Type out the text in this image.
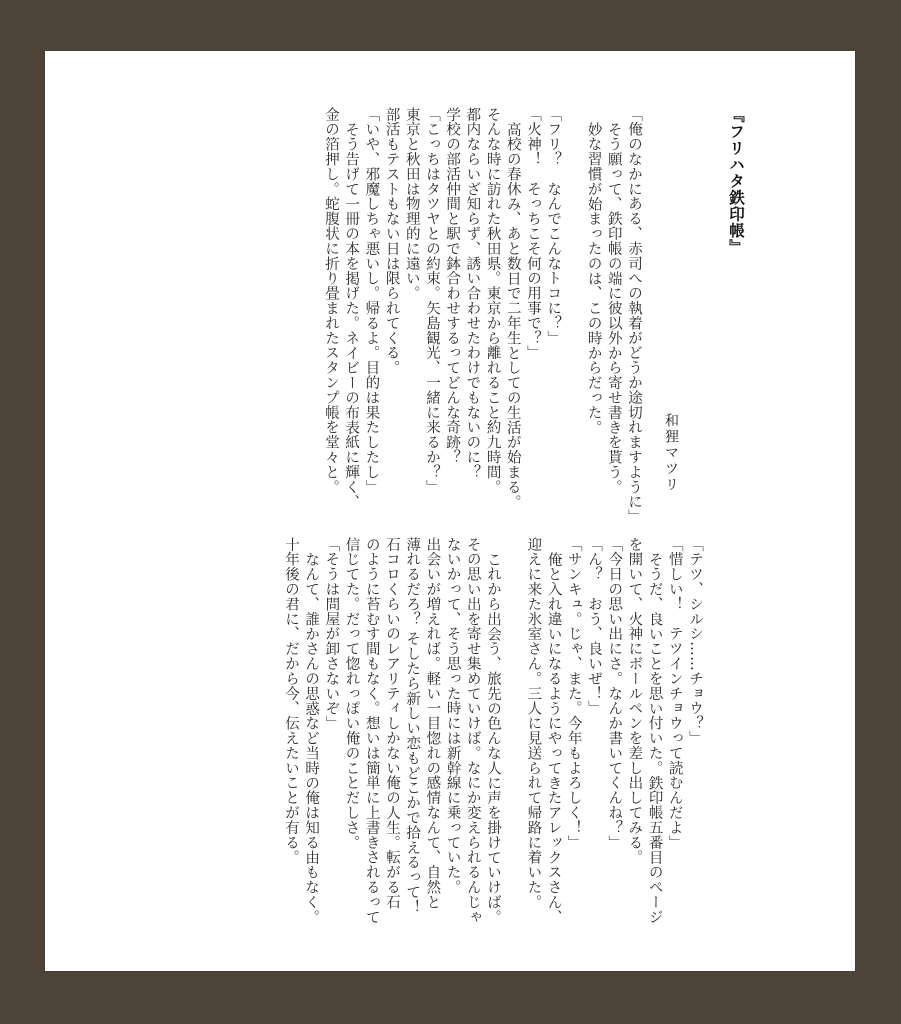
『フリハタ鉄印帳』
和狸マツリ

「俺のなかにある、赤司への執着がどうか途切れますように」

そう願って、鉄印帳の端に彼以外から寄せ書きを貰う。

妙な習慣が始まったのは、この時からだった。

「フリ？　なんでこんなトコに？」

「火神！　そっちこそ何の用事で？」

高校の春休み、あと数日で二年生としての生活が始まる。

そんな時に訪れた秋田県。東京から離れること約九時間。

都内ならいざ知らず、誘い合わせたわけでもないのに？

学校の部活仲間と駅で鉢合わせするってどんな奇跡？

「こっちはタツヤとの約束。矢島観光、一緒に来るか？」

東京と秋田は物理的に遠い。

部活もテストもない日は限られてくる。

「いや、邪魔しちゃ悪いし。帰るよ。目的は果たしたし」

そう告げて一冊の本を掲げた。ネイビーの布表紙に輝く、

金の箔押し。蛇腹状に折り畳まれたスタンプ帳を堂々と。

「テツ、シルシ……チョウ？」

「惜しい！　テツインチョウって読むんだよ」

そうだ、良いことを思い付いた。鉄印帳五番目のページ

を開いて、火神にボールペンを差し出してみる。

「今日の思い出にさ。なんか書いてくんね？」

「ん？　おう、良いぜ！」

「サンキュ。じゃ、また。今年もよろしく！」

俺と入れ違いになるようにやってきたアレックスさん、

迎えに来た氷室さん。三人に見送られて帰路に着いた。

これから出会う、旅先の色んな人に声を掛けていけば。

その思い出を寄せ集めていけば。なにか変えられるんじゃ

ないかって、そう思った時には新幹線に乗っていた。

出会いが増えれば。軽い一目惚れの感情なんて、自然と

薄れるだろ？ そしたら新しい恋もどこかで拾えるって！

石コロくらいのレアリティしかない俺の人生。転がる石

のように苔むす間もなく。想いは簡単に上書きされるって

信じてた。だって惚れっぽい俺のことだしさ。

「そうは問屋が卸さないぞ」

なんて、誰かさんの思惑など当時の俺は知る由もなく。

十年後の君に、だから今、伝えたいことが有る。
